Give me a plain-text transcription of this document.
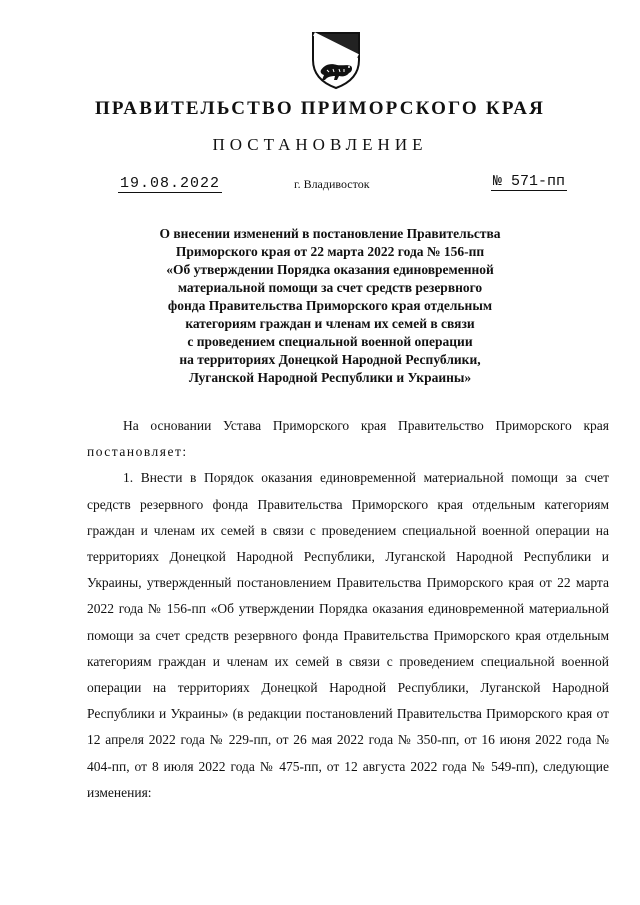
ПРАВИТЕЛЬСТВО ПРИМОРСКОГО КРАЯ
ПОСТАНОВЛЕНИЕ
19.08.2022	г. Владивосток	№ 571-пп
О внесении изменений в постановление Правительства
Приморского края от 22 марта 2022 года № 156-пп
«Об утверждении Порядка оказания единовременной
материальной помощи за счет средств резервного
фонда Правительства Приморского края отдельным
категориям граждан и членам их семей в связи
с проведением специальной военной операции
на территориях Донецкой Народной Республики,
Луганской Народной Республики и Украины»

На основании Устава Приморского края Правительство Приморского края постановляет:

1. Внести в Порядок оказания единовременной материальной помощи за счет средств резервного фонда Правительства Приморского края отдельным категориям граждан и членам их семей в связи с проведением специальной военной операции на территориях Донецкой Народной Республики, Луганской Народной Республики и Украины, утвержденный постановлением Правительства Приморского края от 22 марта 2022 года № 156-пп «Об утверждении Порядка оказания единовременной материальной помощи за счет средств резервного фонда Правительства Приморского края отдельным категориям граждан и членам их семей в связи с проведением специальной военной операции на территориях Донецкой Народной Республики, Луганской Народной Республики и Украины» (в редакции постановлений Правительства Приморского края от 12 апреля 2022 года № 229-пп, от 26 мая 2022 года № 350-пп, от 16 июня 2022 года № 404-пп, от 8 июля 2022 года № 475-пп, от 12 августа 2022 года № 549-пп), следующие изменения:
